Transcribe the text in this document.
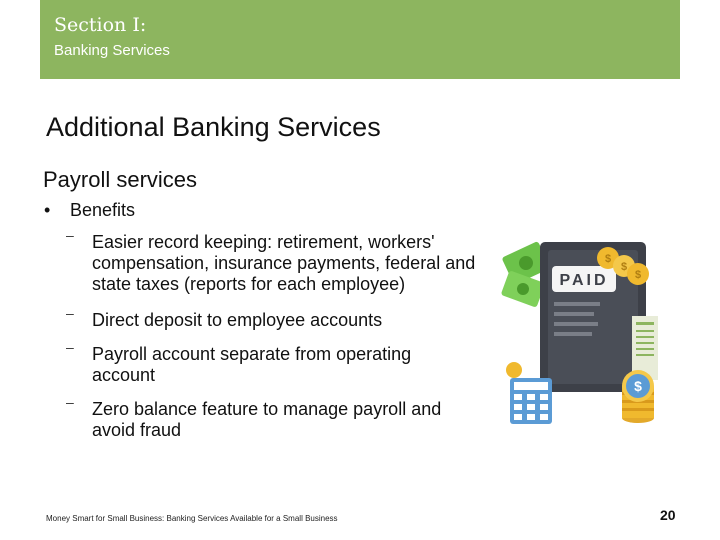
Section I:
Banking Services
Additional Banking Services
Payroll services
• Benefits
– Easier record keeping: retirement, workers' compensation, insurance payments, federal and state taxes (reports for each employee)
– Direct deposit to employee accounts
– Payroll account separate from operating account
– Zero balance feature to manage payroll and avoid fraud
PAID
$
$
$
$
Money Smart for Small Business: Banking Services Available for a Small Business	20
